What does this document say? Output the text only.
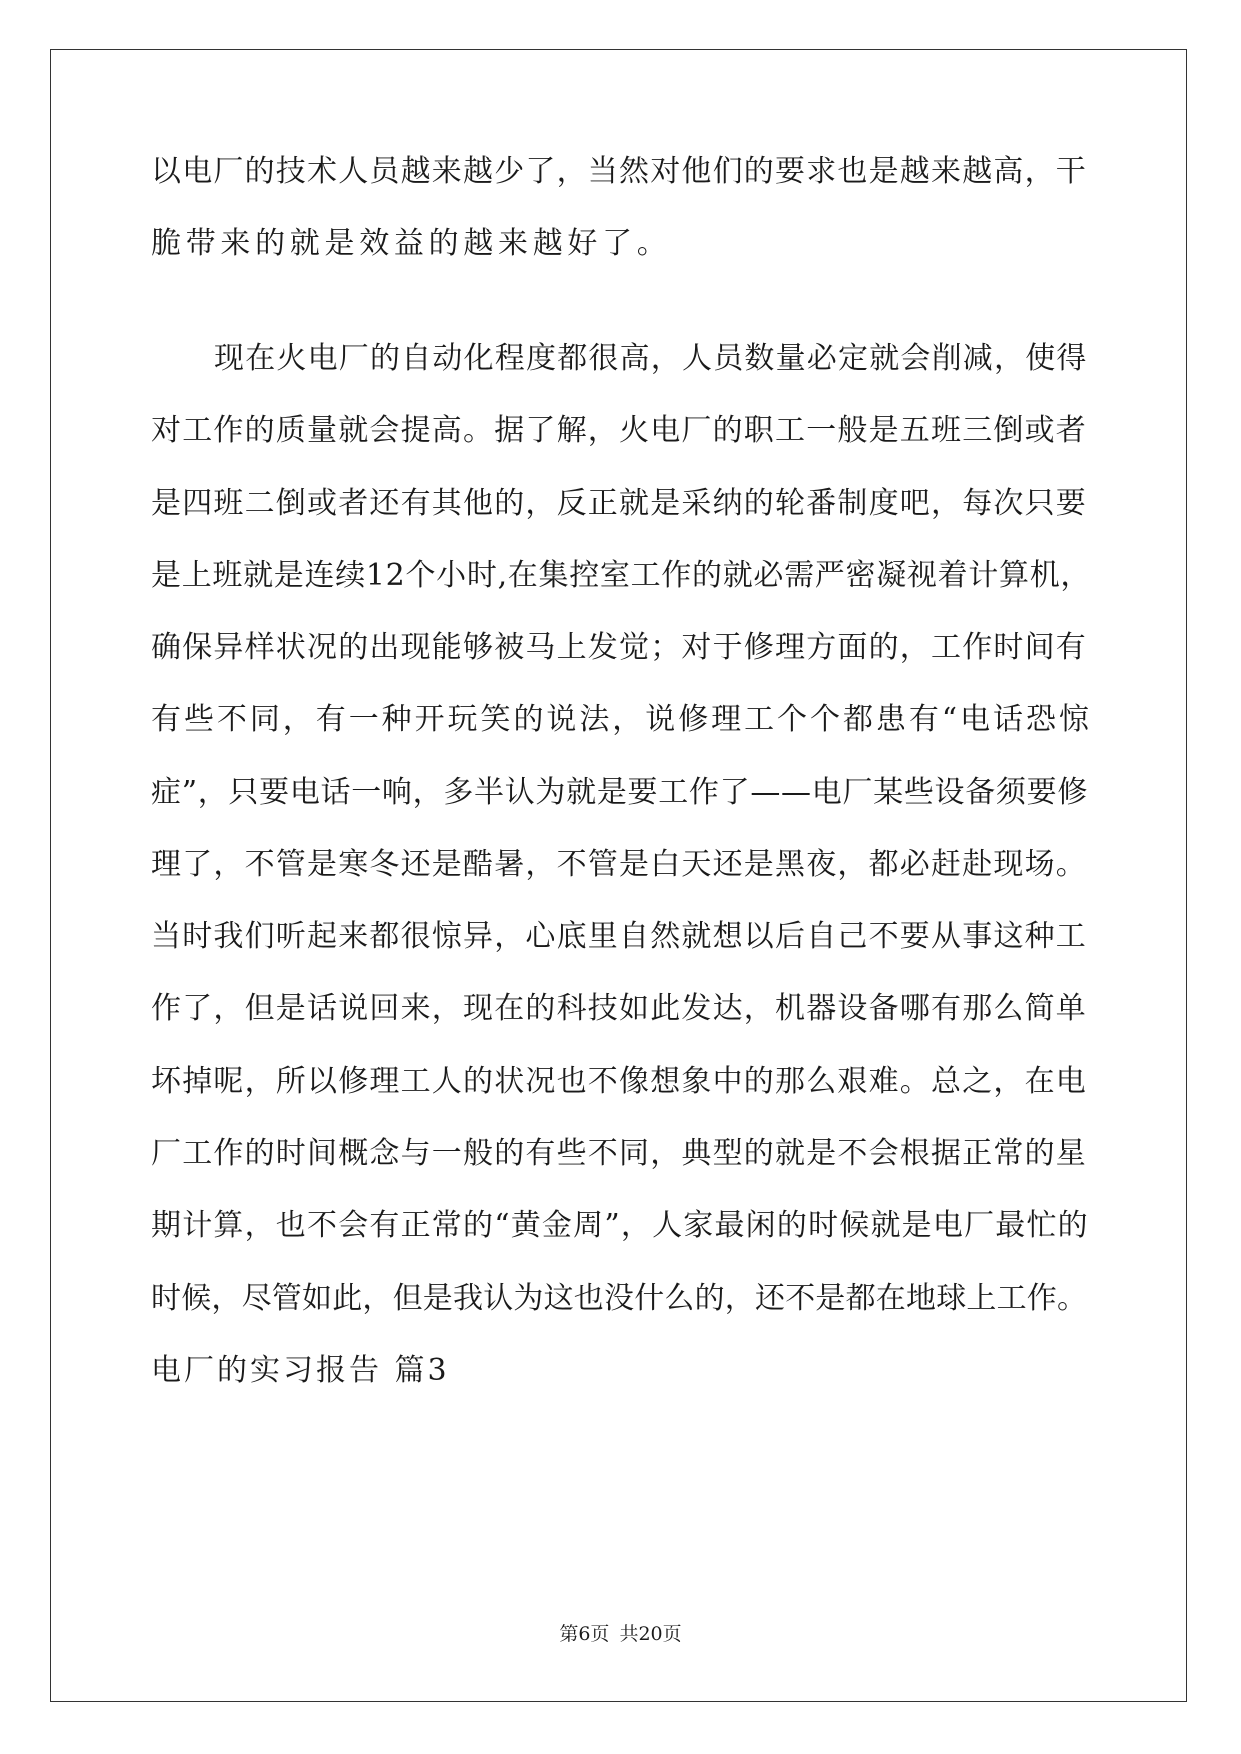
以电厂的技术人员越来越少了，当然对他们的要求也是越来越高，干
脆带来的就是效益的越来越好了。
现在火电厂的自动化程度都很高，人员数量必定就会削减，使得
对工作的质量就会提高。据了解，火电厂的职工一般是五班三倒或者
是四班二倒或者还有其他的，反正就是采纳的轮番制度吧，每次只要
是上班就是连续12个小时,在集控室工作的就必需严密凝视着计算机，
确保异样状况的出现能够被马上发觉；对于修理方面的，工作时间有
有些不同，有一种开玩笑的说法，说修理工个个都患有“电话恐惊
症”，只要电话一响，多半认为就是要工作了——电厂某些设备须要修
理了，不管是寒冬还是酷暑，不管是白天还是黑夜，都必赶赴现场。
当时我们听起来都很惊异，心底里自然就想以后自己不要从事这种工
作了，但是话说回来，现在的科技如此发达，机器设备哪有那么简单
坏掉呢，所以修理工人的状况也不像想象中的那么艰难。总之，在电
厂工作的时间概念与一般的有些不同，典型的就是不会根据正常的星
期计算，也不会有正常的“黄金周”，人家最闲的时候就是电厂最忙的
时候，尽管如此，但是我认为这也没什么的，还不是都在地球上工作。
电厂的实习报告 篇3
第6页 共20页
